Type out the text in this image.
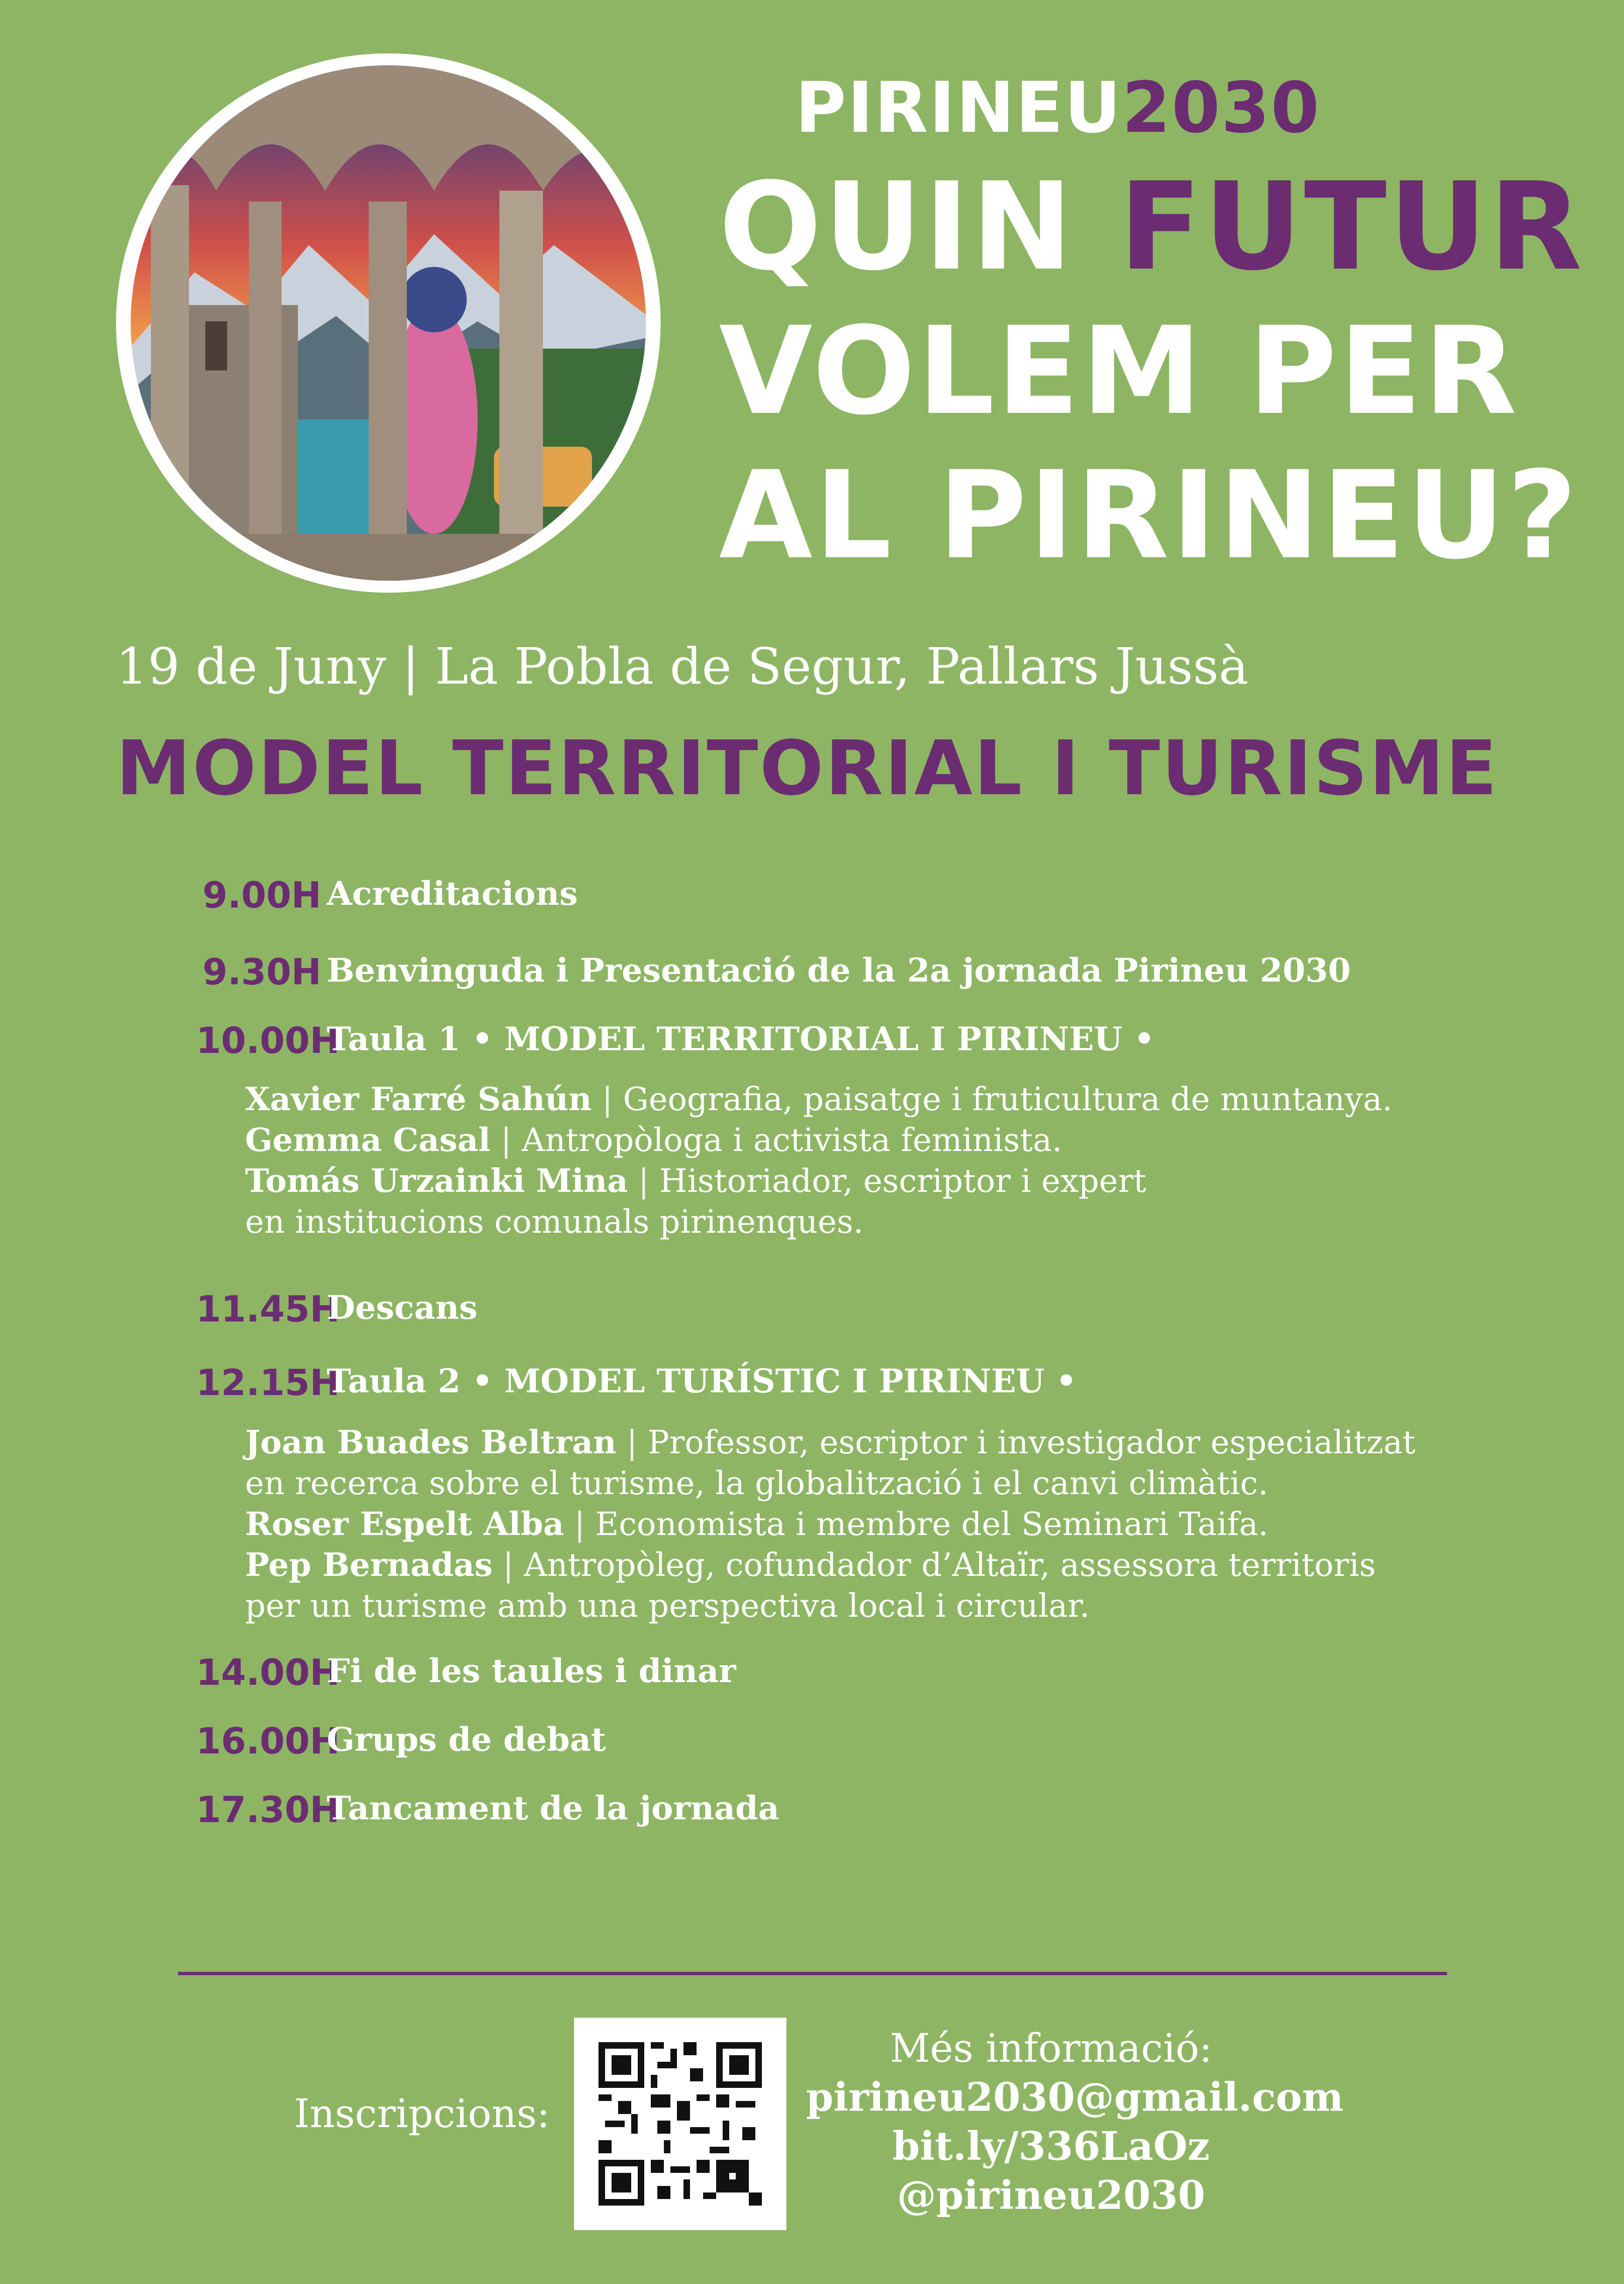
PIRINEU2030
QUIN FUTUR
VOLEM PER
AL PIRINEU?
19 de Juny | La Pobla de Segur, Pallars Jussà
MODEL TERRITORIAL I TURISME
9.00H Acreditacions
9.30H Benvinguda i Presentació de la 2a jornada Pirineu 2030
10.00H
Taula 1 • MODEL TERRITORIAL I PIRINEU •
Xavier Farré Sahún | Geografia, paisatge i fruticultura de muntanya.
Gemma Casal | Antropòloga i activista feminista.
Tomás Urzainki Mina | Historiador, escriptor i expert
en institucions comunals pirinenques.
11.45H
Descans
12.15H
Taula 2 • MODEL TURÍSTIC I PIRINEU •
Joan Buades Beltran | Professor, escriptor i investigador especialitzat
en recerca sobre el turisme, la globalització i el canvi climàtic.
Roser Espelt Alba | Economista i membre del Seminari Taifa.
Pep Bernadas | Antropòleg, cofundador d’Altaïr, assessora territoris
per un turisme amb una perspectiva local i circular.
14.00H
Fi de les taules i dinar
16.00H
Grups de debat
17.30H
Tancament de la jornada
Inscripcions:
Més informació:
pirineu2030@gmail.com
bit.ly/336LaOz
@pirineu2030
